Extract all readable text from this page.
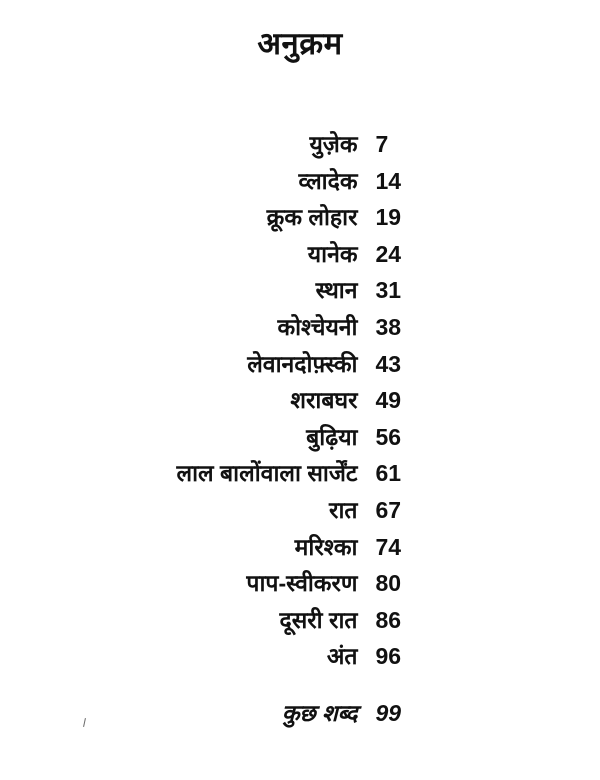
अनुक्रम
युज़ेक	7
व्लादेक	14
क्रूक लोहार	19
यानेक	24
स्थान	31
कोश्चेयनी	38
लेवानदोफ़्स्की	43
शराबघर	49
बुढ़िया	56
लाल बालोंवाला सार्जेंट	61
रात	67
मरिश्का	74
पाप-स्वीकरण	80
दूसरी रात	86
अंत	96
कुछ शब्द	99
